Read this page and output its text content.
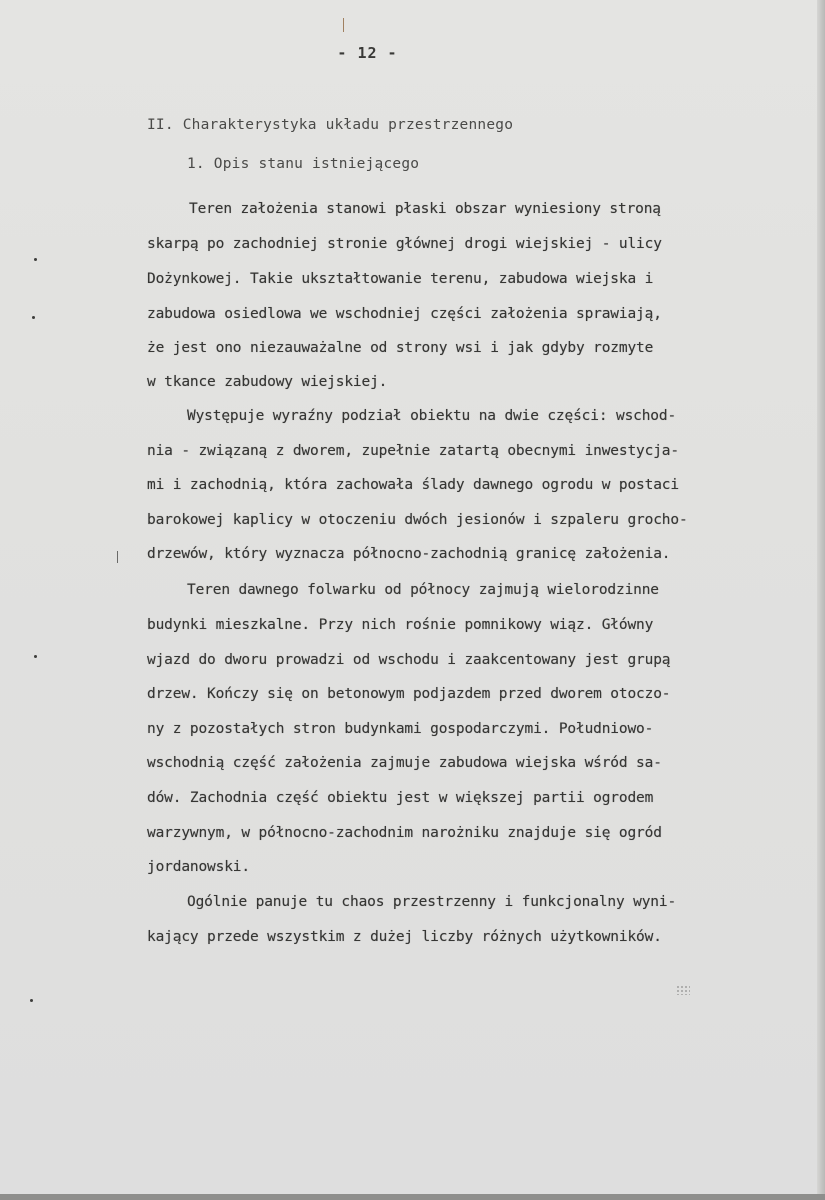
- 12 -
II. Charakterystyka układu przestrzennego
1. Opis stanu istniejącego
Teren założenia stanowi płaski obszar wyniesiony stroną
skarpą po zachodniej stronie głównej drogi wiejskiej - ulicy
Dożynkowej. Takie ukształtowanie terenu, zabudowa wiejska i
zabudowa osiedlowa we wschodniej części założenia sprawiają,
że jest ono niezauważalne od strony wsi i jak gdyby rozmyte
w tkance zabudowy wiejskiej.
Występuje wyraźny podział obiektu na dwie części: wschod-
nia - związaną z dworem, zupełnie zatartą obecnymi inwestycja-
mi i zachodnią, która zachowała ślady dawnego ogrodu w postaci
barokowej kaplicy w otoczeniu dwóch jesionów i szpaleru grocho-
drzewów, który wyznacza północno-zachodnią granicę założenia.
Teren dawnego folwarku od północy zajmują wielorodzinne
budynki mieszkalne. Przy nich rośnie pomnikowy wiąz. Główny
wjazd do dworu prowadzi od wschodu i zaakcentowany jest grupą
drzew. Kończy się on betonowym podjazdem przed dworem otoczo-
ny z pozostałych stron budynkami gospodarczymi. Południowo-
wschodnią część założenia zajmuje zabudowa wiejska wśród sa-
dów. Zachodnia część obiektu jest w większej partii ogrodem
warzywnym, w północno-zachodnim narożniku znajduje się ogród
jordanowski.
Ogólnie panuje tu chaos przestrzenny i funkcjonalny wyni-
kający przede wszystkim z dużej liczby różnych użytkowników.
